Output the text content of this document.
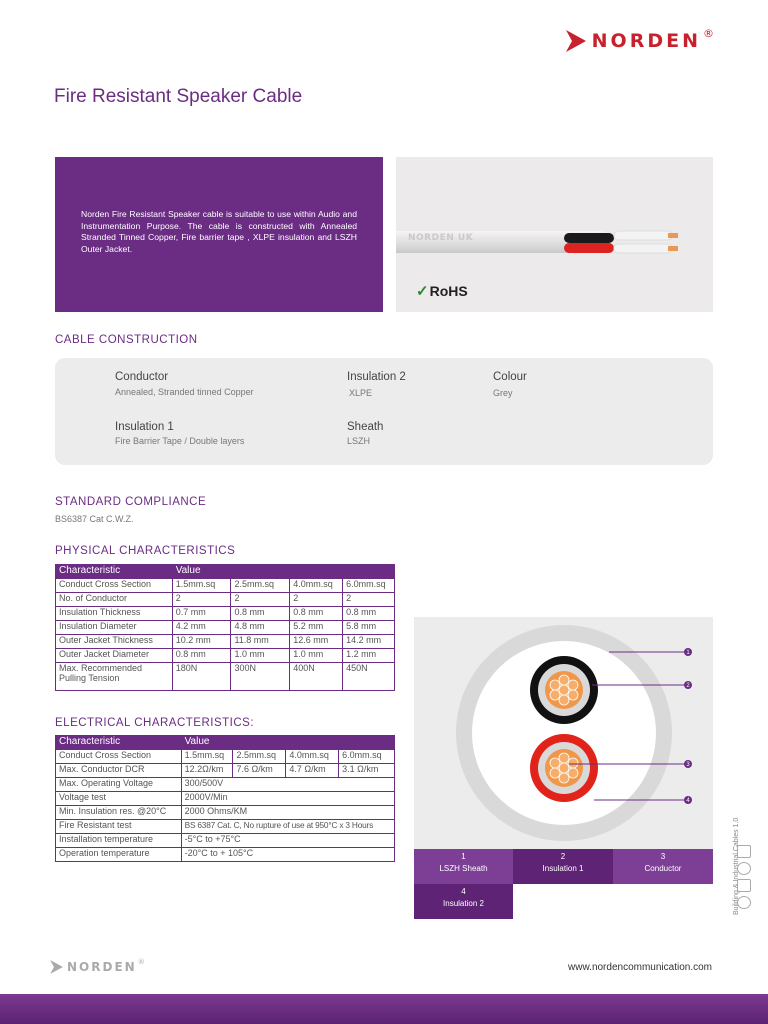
NORDEN ®
Fire Resistant Speaker Cable
Norden Fire Resistant Speaker cable is suitable to use within Audio and Instrumentation Purpose. The cable is constructed with Annealed Stranded Tinned Copper, Fire barrier tape , XLPE insulation and LSZH Outer Jacket.
NORDEN UK
✓RoHS
CABLE CONSTRUCTION
Conductor
Annealed, Stranded tinned Copper
Insulation 2
XLPE
Colour
Grey
Insulation 1
Fire Barrier Tape / Double layers
Sheath
LSZH
STANDARD COMPLIANCE
BS6387 Cat C.W.Z.
PHYSICAL CHARACTERISTICS
Characteristic	Value			
Conduct Cross Section	1.5mm.sq	2.5mm.sq	4.0mm.sq	6.0mm.sq
No. of Conductor	2	2	2	2
Insulation Thickness	0.7 mm	0.8 mm	0.8 mm	0.8 mm
Insulation Diameter	4.2 mm	4.8 mm	5.2 mm	5.8 mm
Outer Jacket Thickness	10.2 mm	11.8 mm	12.6 mm	14.2 mm
Outer Jacket Diameter	0.8 mm	1.0 mm	1.0 mm	1.2 mm
Max. Recommended Pulling Tension	180N	300N	400N	450N
ELECTRICAL CHARACTERISTICS:
Characteristic	Value			
Conduct Cross Section	1.5mm.sq	2.5mm.sq	4.0mm.sq	6.0mm.sq
Max. Conductor DCR	12.2Ω/km	7.6 Ω/km	4.7 Ω/km	3.1 Ω/km
Max. Operating Voltage	300/500V			
Voltage test	2000V/Min			
Min. Insulation res. @20°C	2000 Ohms/KM			
Fire Resistant test	BS 6387 Cat. C, No rupture of use at 950°C x 3 Hours			
Installation temperature	-5°C to +75°C			
Operation temperature	-20°C to + 105°C			
1
2
3
4
1
LSZH Sheath
2
Insulation 1
3
Conductor
4
Insulation 2	Building & Industrial Cables 1.0
NORDEN ®	www.nordencommunication.com
